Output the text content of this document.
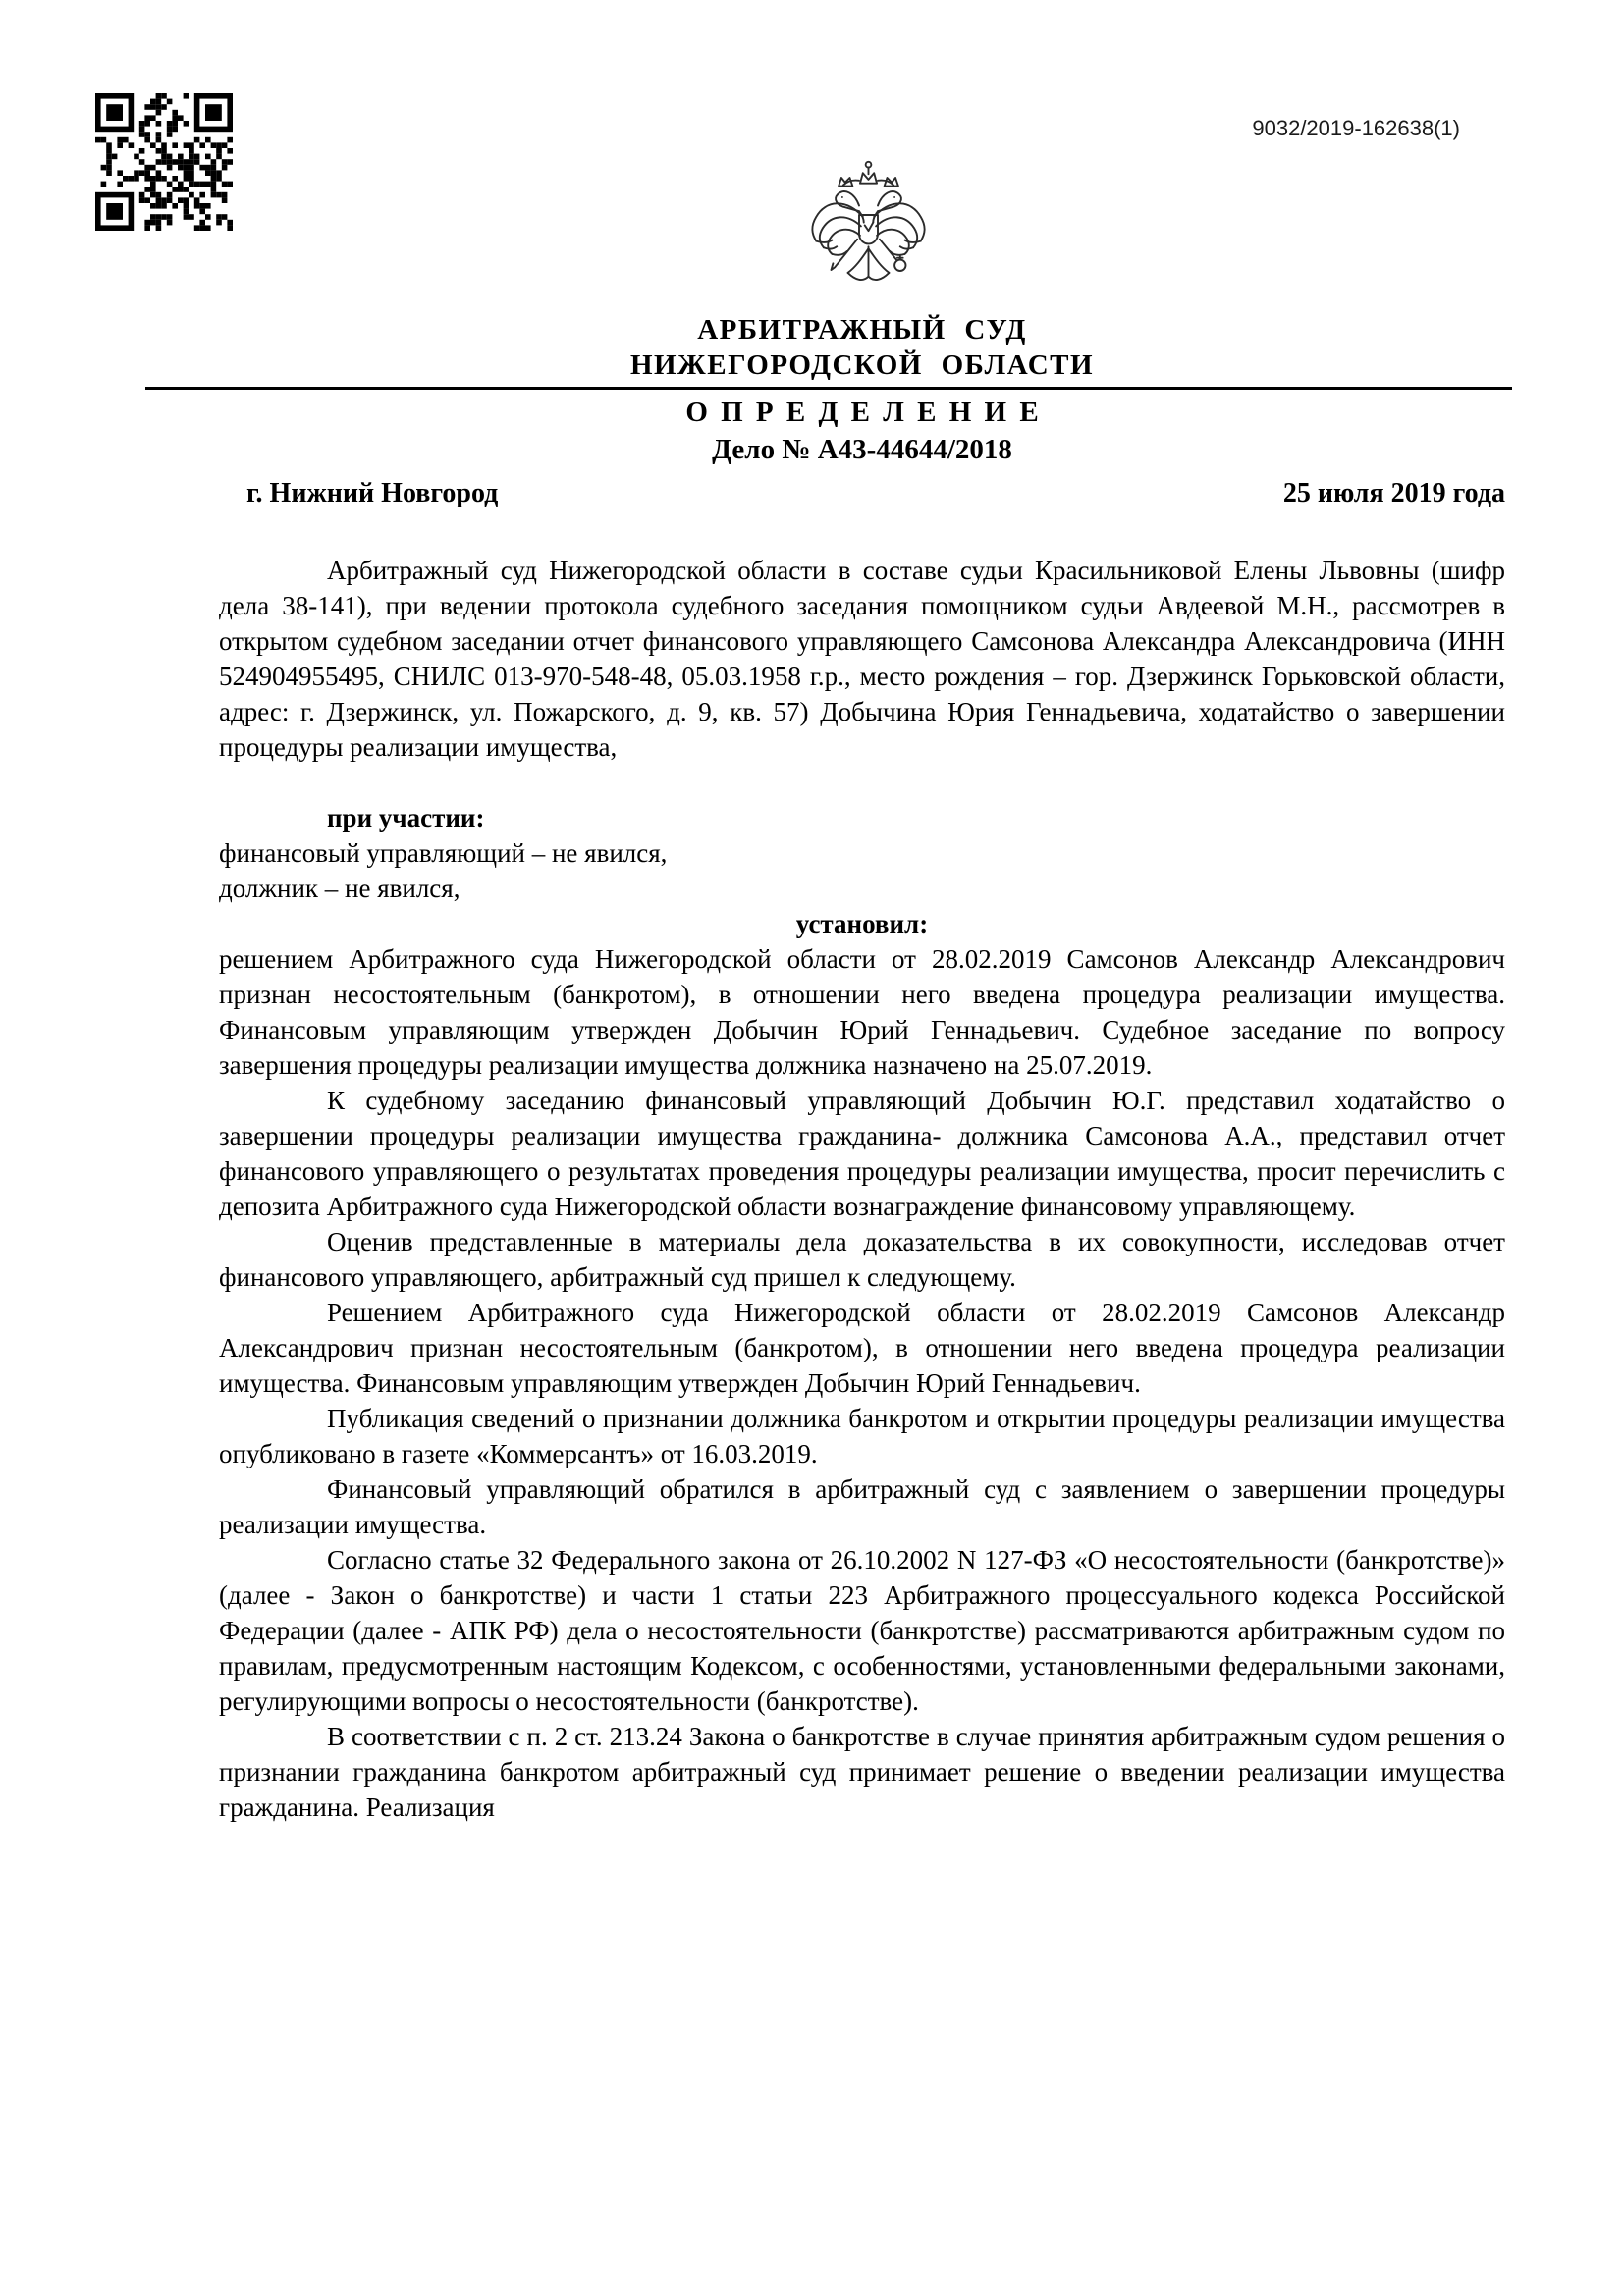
9032/2019-162638(1)

АРБИТРАЖНЫЙ СУД

НИЖЕГОРОДСКОЙ ОБЛАСТИ

О П Р Е Д Е Л Е Н И Е

Дело № А43-44644/2018

г. Нижний Новгород	25 июля 2019 года

Арбитражный суд Нижегородской области в составе судьи Красильниковой Елены Львовны (шифр дела 38-141), при ведении протокола судебного заседания помощником судьи Авдеевой М.Н., рассмотрев в открытом судебном заседании отчет финансового управляющего Самсонова Александра Александровича (ИНН 524904955495, СНИЛС 013-970-548-48, 05.03.1958 г.р., место рождения – гор. Дзержинск Горьковской области, адрес: г. Дзержинск, ул. Пожарского, д. 9, кв. 57) Добычина Юрия Геннадьевича, ходатайство о завершении процедуры реализации имущества,

при участии:

финансовый управляющий – не явился,

должник – не явился,

установил:

решением Арбитражного суда Нижегородской области от 28.02.2019 Самсонов Александр Александрович признан несостоятельным (банкротом), в отношении него введена процедура реализации имущества. Финансовым управляющим утвержден Добычин Юрий Геннадьевич. Судебное заседание по вопросу завершения процедуры реализации имущества должника назначено на 25.07.2019.

К судебному заседанию финансовый управляющий Добычин Ю.Г. представил ходатайство о завершении процедуры реализации имущества гражданина- должника Самсонова А.А., представил отчет финансового управляющего о результатах проведения процедуры реализации имущества, просит перечислить с депозита Арбитражного суда Нижегородской области вознаграждение финансовому управляющему.

Оценив представленные в материалы дела доказательства в их совокупности, исследовав отчет финансового управляющего, арбитражный суд пришел к следующему.

Решением Арбитражного суда Нижегородской области от 28.02.2019 Самсонов Александр Александрович признан несостоятельным (банкротом), в отношении него введена процедура реализации имущества. Финансовым управляющим утвержден Добычин Юрий Геннадьевич.

Публикация сведений о признании должника банкротом и открытии процедуры реализации имущества опубликовано в газете «Коммерсантъ» от 16.03.2019.

Финансовый управляющий обратился в арбитражный суд с заявлением о завершении процедуры реализации имущества.

Согласно статье 32 Федерального закона от 26.10.2002 N 127-ФЗ «О несостоятельности (банкротстве)» (далее - Закон о банкротстве) и части 1 статьи 223 Арбитражного процессуального кодекса Российской Федерации (далее - АПК РФ) дела о несостоятельности (банкротстве) рассматриваются арбитражным судом по правилам, предусмотренным настоящим Кодексом, с особенностями, установленными федеральными законами, регулирующими вопросы о несостоятельности (банкротстве).

В соответствии с п. 2 ст. 213.24 Закона о банкротстве в случае принятия арбитражным судом решения о признании гражданина банкротом арбитражный суд принимает решение о введении реализации имущества гражданина. Реализация
